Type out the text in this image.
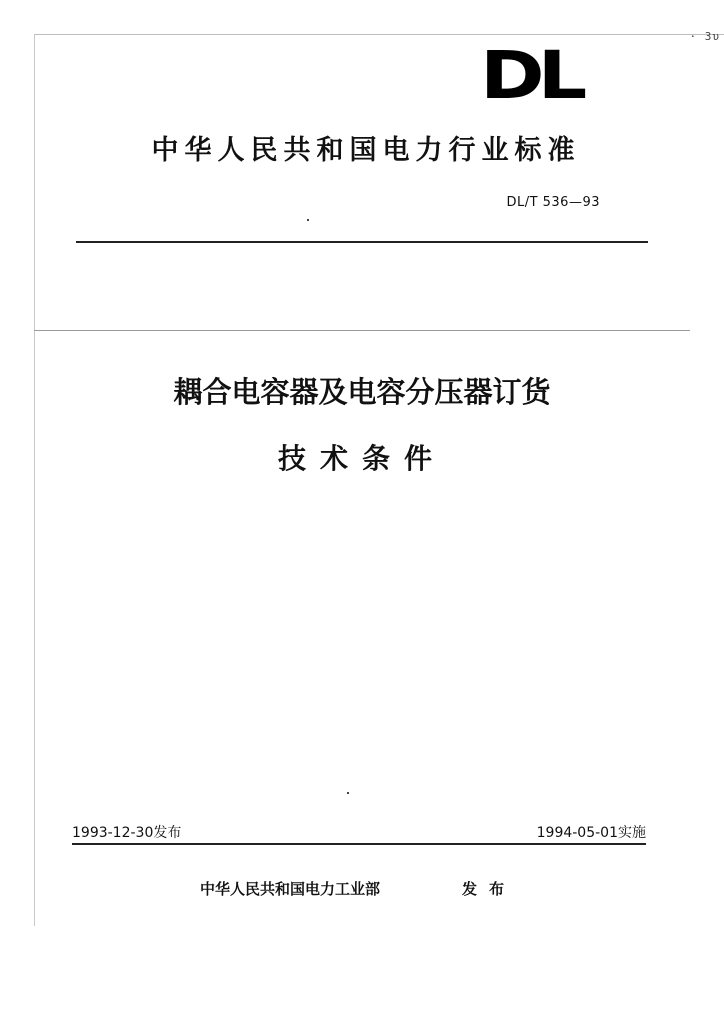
· 3υ
DL
中华人民共和国电力行业标准
DL/T 536—93
耦合电容器及电容分压器订货
技术条件
1993-12-30发布	1994-05-01实施
中华人民共和国电力工业部	发布
